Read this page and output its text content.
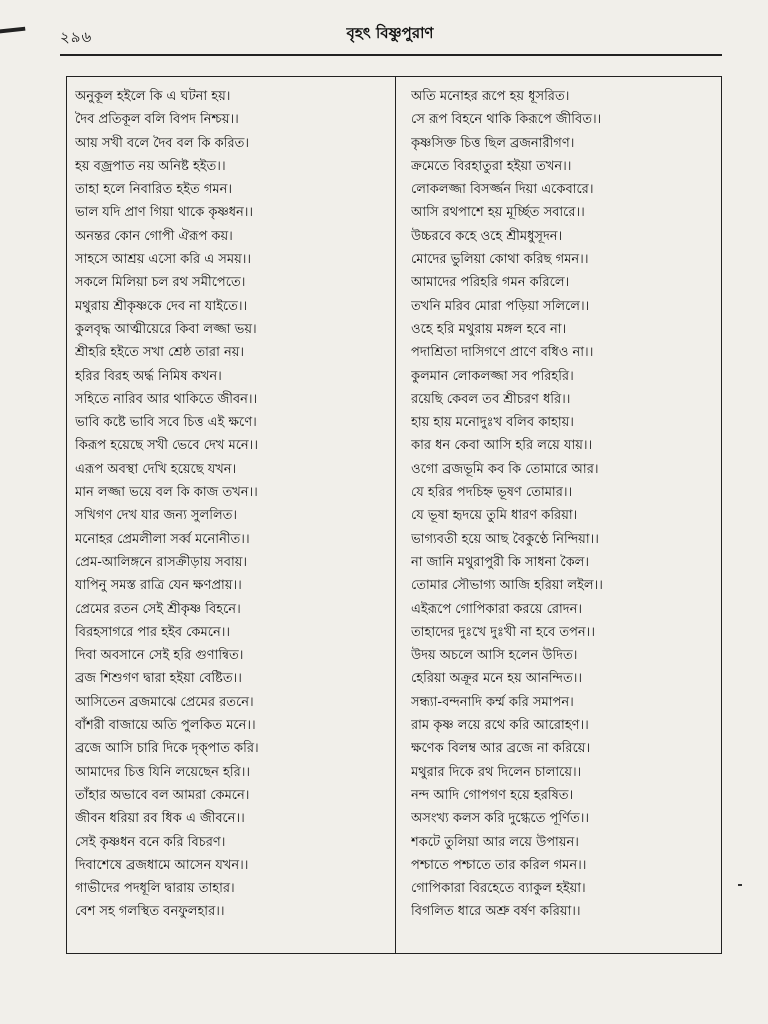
২৯৬	বৃহৎ বিষ্ণুপুরাণ
অনুকূল হইলে কি এ ঘটনা হয়।
দৈব প্রতিকূল বলি বিপদ নিশ্চয়।।
আয় সখী বলে দৈব বল কি করিত।
হয় বজ্রপাত নয় অনিষ্ট হইত।।
তাহা হলে নিবারিত হইত গমন।
ভাল যদি প্রাণ গিয়া থাকে কৃষ্ণধন।।
অনন্তর কোন গোপী ঐরূপ কয়।
সাহসে আশ্রয় এসো করি এ সময়।।
সকলে মিলিয়া চল রথ সমীপেতে।
মথুরায় শ্রীকৃষ্ণকে দেব না যাইতে।।
কুলবৃদ্ধ আত্মীয়েরে কিবা লজ্জা ভয়।
শ্রীহরি হইতে সখা শ্রেষ্ঠ তারা নয়।
হরির বিরহ অর্দ্ধ নিমিষ কখন।
সহিতে নারিব আর থাকিতে জীবন।।
ভাবি কষ্টে ভাবি সবে চিত্ত এই ক্ষণে।
কিরূপ হয়েছে সখী ভেবে দেখ মনে।।
এরূপ অবস্থা দেখি হয়েছে যখন।
মান লজ্জা ভয়ে বল কি কাজ তখন।।
সখিগণ দেখ যার জন্য সুললিত।
মনোহর প্রেমলীলা সর্ব্ব মনোনীত।।
প্রেম-আলিঙ্গনে রাসক্রীড়ায় সবায়।
যাপিনু সমস্ত রাত্রি যেন ক্ষণপ্রায়।।
প্রেমের রতন সেই শ্রীকৃষ্ণ বিহনে।
বিরহসাগরে পার হইব কেমনে।।
দিবা অবসানে সেই হরি গুণান্বিত।
ব্রজ শিশুগণ দ্বারা হইয়া বেষ্টিত।।
আসিতেন ব্রজমাঝে প্রেমের রতনে।
বাঁশরী বাজায়ে অতি পুলকিত মনে।।
ব্রজে আসি চারি দিকে দৃক্‌পাত করি।
আমাদের চিত্ত যিনি লয়েছেন হরি।।
তাঁহার অভাবে বল আমরা কেমনে।
জীবন ধরিয়া রব ধিক এ জীবনে।।
সেই কৃষ্ণধন বনে করি বিচরণ।
দিবাশেষে ব্রজধামে আসেন যখন।।
গাভীদের পদধূলি দ্বারায় তাহার।
বেশ সহ গলস্থিত বনফুলহার।।
অতি মনোহর রূপে হয় ধূসরিত।
সে রূপ বিহনে থাকি কিরূপে জীবিত।।
কৃষ্ণসিক্ত চিত্ত ছিল ব্রজনারীগণ।
ক্রমেতে বিরহাতুরা হইয়া তখন।।
লোকলজ্জা বিসর্জ্জন দিয়া একেবারে।
আসি রথপাশে হয় মূর্চ্ছিত সবারে।।
উচ্চরবে কহে ওহে শ্রীমধুসূদন।
মোদের ভুলিয়া কোথা করিছ গমন।।
আমাদের পরিহরি গমন করিলে।
তখনি মরিব মোরা পড়িয়া সলিলে।।
ওহে হরি মথুরায় মঙ্গল হবে না।
পদাশ্রিতা দাসিগণে প্রাণে বধিও না।।
কুলমান লোকলজ্জা সব পরিহরি।
রয়েছি কেবল তব শ্রীচরণ ধরি।।
হায় হায় মনোদুঃখ বলিব কাহায়।
কার ধন কেবা আসি হরি লয়ে যায়।।
ওগো ব্রজভূমি কব কি তোমারে আর।
যে হরির পদচিহ্ন ভূষণ তোমার।।
যে ভূষা হৃদয়ে তুমি ধারণ করিয়া।
ভাগ্যবতী হয়ে আছ বৈকুণ্ঠে নিন্দিয়া।।
না জানি মথুরাপুরী কি সাধনা কৈল।
তোমার সৌভাগ্য আজি হরিয়া লইল।।
এইরূপে গোপিকারা করয়ে রোদন।
তাহাদের দুঃখে দুঃখী না হবে তপন।।
উদয় অচলে আসি হলেন উদিত।
হেরিয়া অক্রূর মনে হয় আনন্দিত।।
সন্ধ্যা-বন্দনাদি কর্ম্ম করি সমাপন।
রাম কৃষ্ণ লয়ে রথে করি আরোহণ।।
ক্ষণেক বিলম্ব আর ব্রজে না করিয়ে।
মথুরার দিকে রথ দিলেন চালায়ে।।
নন্দ আদি গোপগণ হয়ে হরষিত।
অসংখ্য কলস করি দুগ্ধেতে পূর্ণিত।।
শকটে তুলিয়া আর লয়ে উপায়ন।
পশ্চাতে পশ্চাতে তার করিল গমন।।
গোপিকারা বিরহেতে ব্যাকুল হইয়া।
বিগলিত ধারে অশ্রু বর্ষণ করিয়া।।
